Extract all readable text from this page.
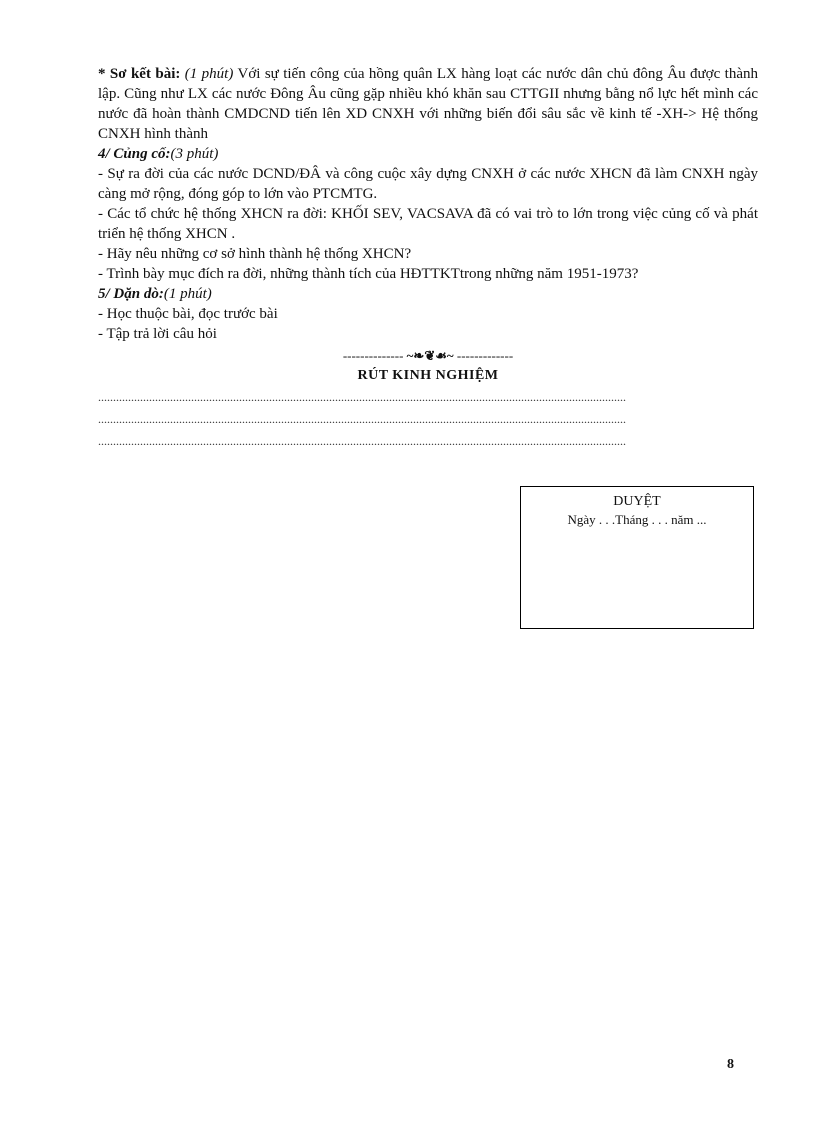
* Sơ kết bài: (1 phút) Với sự tiến công của hồng quân LX hàng loạt các nước dân chủ đông Âu được thành lập. Cũng như LX các nước Đông Âu cũng gặp nhiều khó khăn sau CTTGII nhưng bằng nổ lực hết mình các nước đã hoàn thành CMDCND tiến lên XD CNXH với những biến đổi sâu sắc về kinh tế -XH-> Hệ thống CNXH hình thành

4/ Củng cố:(3 phút)

- Sự ra đời của các nước DCND/ĐÂ và công cuộc xây dựng CNXH ở các nước XHCN đã làm CNXH ngày càng mở rộng, đóng góp to lớn vào PTCMTG.

- Các tổ chức hệ thống XHCN ra đời: KHỐI SEV, VACSAVA đã có vai trò to lớn trong việc củng cố và phát triển hệ thống XHCN .

- Hãy nêu những cơ sở hình thành hệ thống XHCN?

- Trình bày mục đích ra đời, những thành tích của HĐTTKTtrong những năm 1951-1973?

5/ Dặn dò:(1 phút)

- Học thuộc bài, đọc trước bài

- Tập trả lời câu hỏi

-------------- ~❧❦☙~ -------------
RÚT KINH NGHIỆM
................................................................................................................................................................................
................................................................................................................................................................................
................................................................................................................................................................................
DUYỆT
Ngày . . .Tháng . . . năm ...
8
